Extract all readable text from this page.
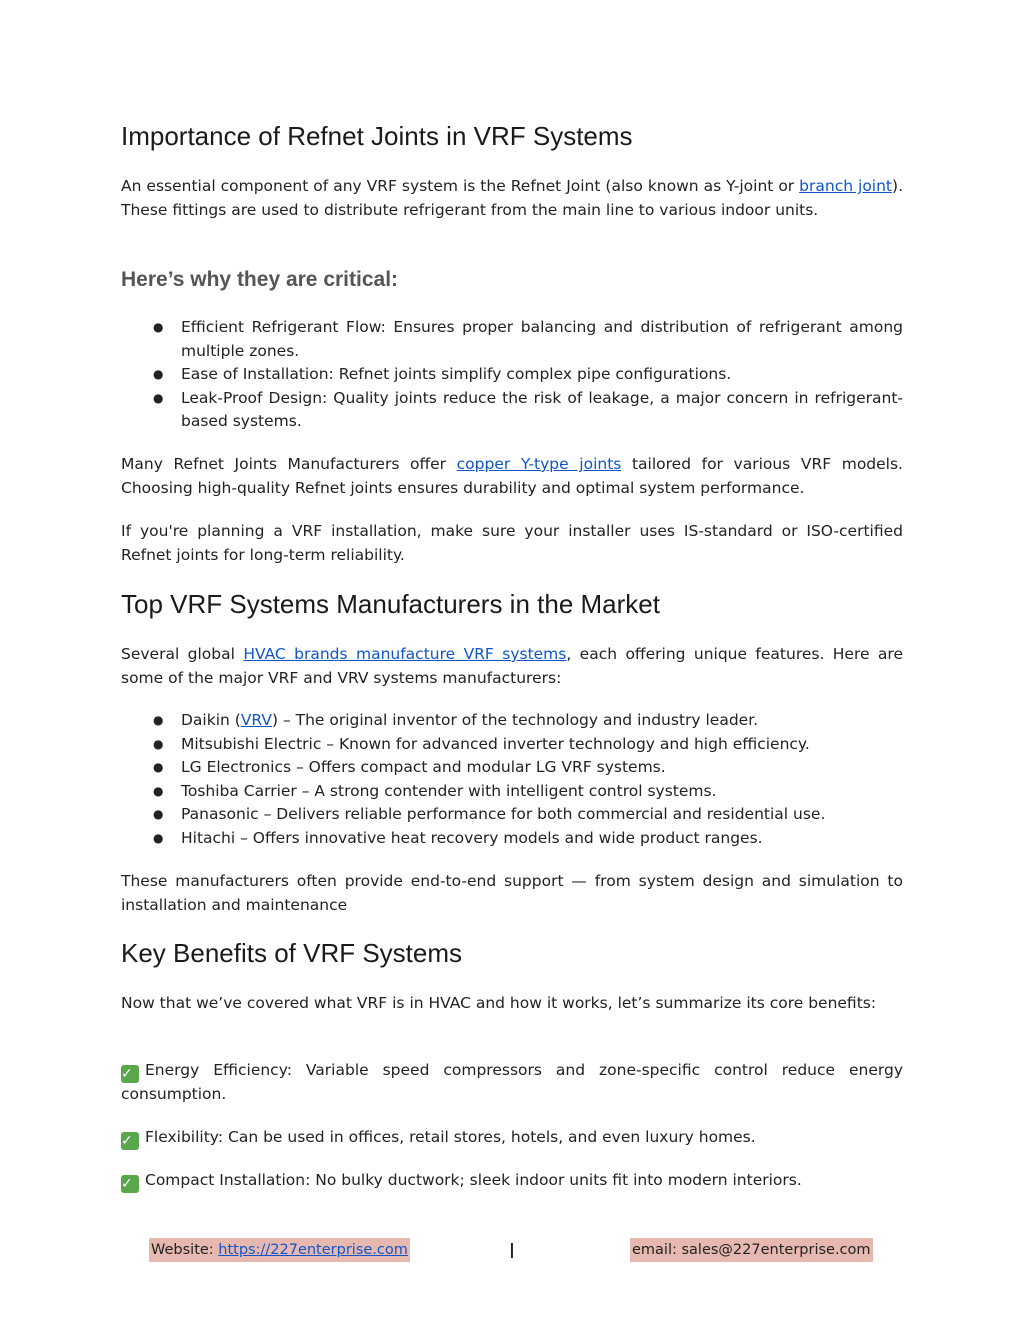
Importance of Refnet Joints in VRF Systems

An essential component of any VRF system is the Refnet Joint (also known as Y-joint or branch joint). These fittings are used to distribute refrigerant from the main line to various indoor units.

Here’s why they are critical:
● Efficient Refrigerant Flow: Ensures proper balancing and distribution of refrigerant among multiple zones.
● Ease of Installation: Refnet joints simplify complex pipe configurations.
● Leak-Proof Design: Quality joints reduce the risk of leakage, a major concern in refrigerant-based systems.

Many Refnet Joints Manufacturers offer copper Y-type joints tailored for various VRF models. Choosing high-quality Refnet joints ensures durability and optimal system performance.

If you're planning a VRF installation, make sure your installer uses IS-standard or ISO-certified Refnet joints for long-term reliability.

Top VRF Systems Manufacturers in the Market

Several global HVAC brands manufacture VRF systems, each offering unique features. Here are some of the major VRF and VRV systems manufacturers:

● Daikin (VRV) – The original inventor of the technology and industry leader.
● Mitsubishi Electric – Known for advanced inverter technology and high efficiency.
● LG Electronics – Offers compact and modular LG VRF systems.
● Toshiba Carrier – A strong contender with intelligent control systems.
● Panasonic – Delivers reliable performance for both commercial and residential use.
● Hitachi – Offers innovative heat recovery models and wide product ranges.

These manufacturers often provide end-to-end support — from system design and simulation to installation and maintenance

Key Benefits of VRF Systems

Now that we’ve covered what VRF is in HVAC and how it works, let’s summarize its core benefits:

✓ Energy Efficiency: Variable speed compressors and zone-specific control reduce energy consumption.

✓ Flexibility: Can be used in offices, retail stores, hotels, and even luxury homes.

✓ Compact Installation: No bulky ductwork; sleek indoor units fit into modern interiors.

Website: https://227enterprise.com	I	email: sales@227enterprise.com
